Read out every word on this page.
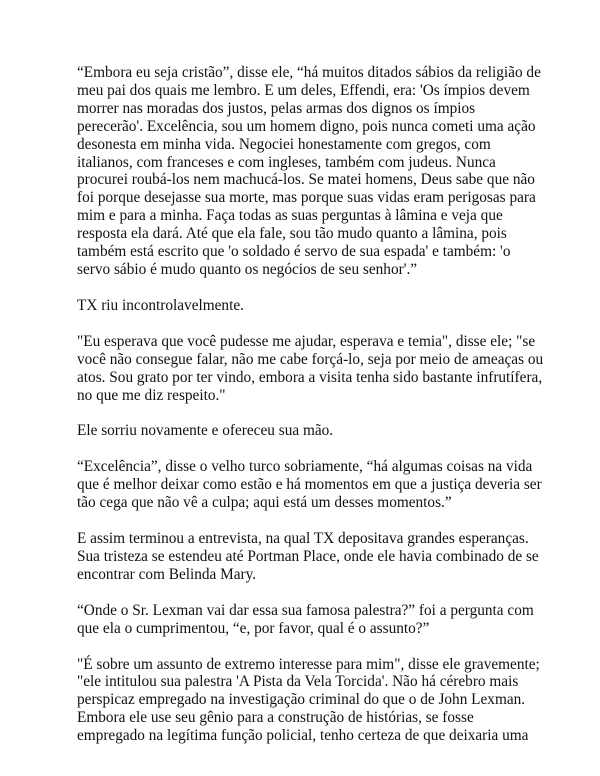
“Embora eu seja cristão”, disse ele, “há muitos ditados sábios da religião de
meu pai dos quais me lembro. E um deles, Effendi, era: 'Os ímpios devem
morrer nas moradas dos justos, pelas armas dos dignos os ímpios
perecerão'. Excelência, sou um homem digno, pois nunca cometi uma ação
desonesta em minha vida. Negociei honestamente com gregos, com
italianos, com franceses e com ingleses, também com judeus. Nunca
procurei roubá-los nem machucá-los. Se matei homens, Deus sabe que não
foi porque desejasse sua morte, mas porque suas vidas eram perigosas para
mim e para a minha. Faça todas as suas perguntas à lâmina e veja que
resposta ela dará. Até que ela fale, sou tão mudo quanto a lâmina, pois
também está escrito que 'o soldado é servo de sua espada' e também: 'o
servo sábio é mudo quanto os negócios de seu senhor'.”

TX riu incontrolavelmente.

"Eu esperava que você pudesse me ajudar, esperava e temia", disse ele; "se
você não consegue falar, não me cabe forçá-lo, seja por meio de ameaças ou
atos. Sou grato por ter vindo, embora a visita tenha sido bastante infrutífera,
no que me diz respeito."

Ele sorriu novamente e ofereceu sua mão.

“Excelência”, disse o velho turco sobriamente, “há algumas coisas na vida
que é melhor deixar como estão e há momentos em que a justiça deveria ser
tão cega que não vê a culpa; aqui está um desses momentos.”

E assim terminou a entrevista, na qual TX depositava grandes esperanças.
Sua tristeza se estendeu até Portman Place, onde ele havia combinado de se
encontrar com Belinda Mary.

“Onde o Sr. Lexman vai dar essa sua famosa palestra?” foi a pergunta com
que ela o cumprimentou, “e, por favor, qual é o assunto?”

"É sobre um assunto de extremo interesse para mim", disse ele gravemente;
"ele intitulou sua palestra 'A Pista da Vela Torcida'. Não há cérebro mais
perspicaz empregado na investigação criminal do que o de John Lexman.
Embora ele use seu gênio para a construção de histórias, se fosse
empregado na legítima função policial, tenho certeza de que deixaria uma
